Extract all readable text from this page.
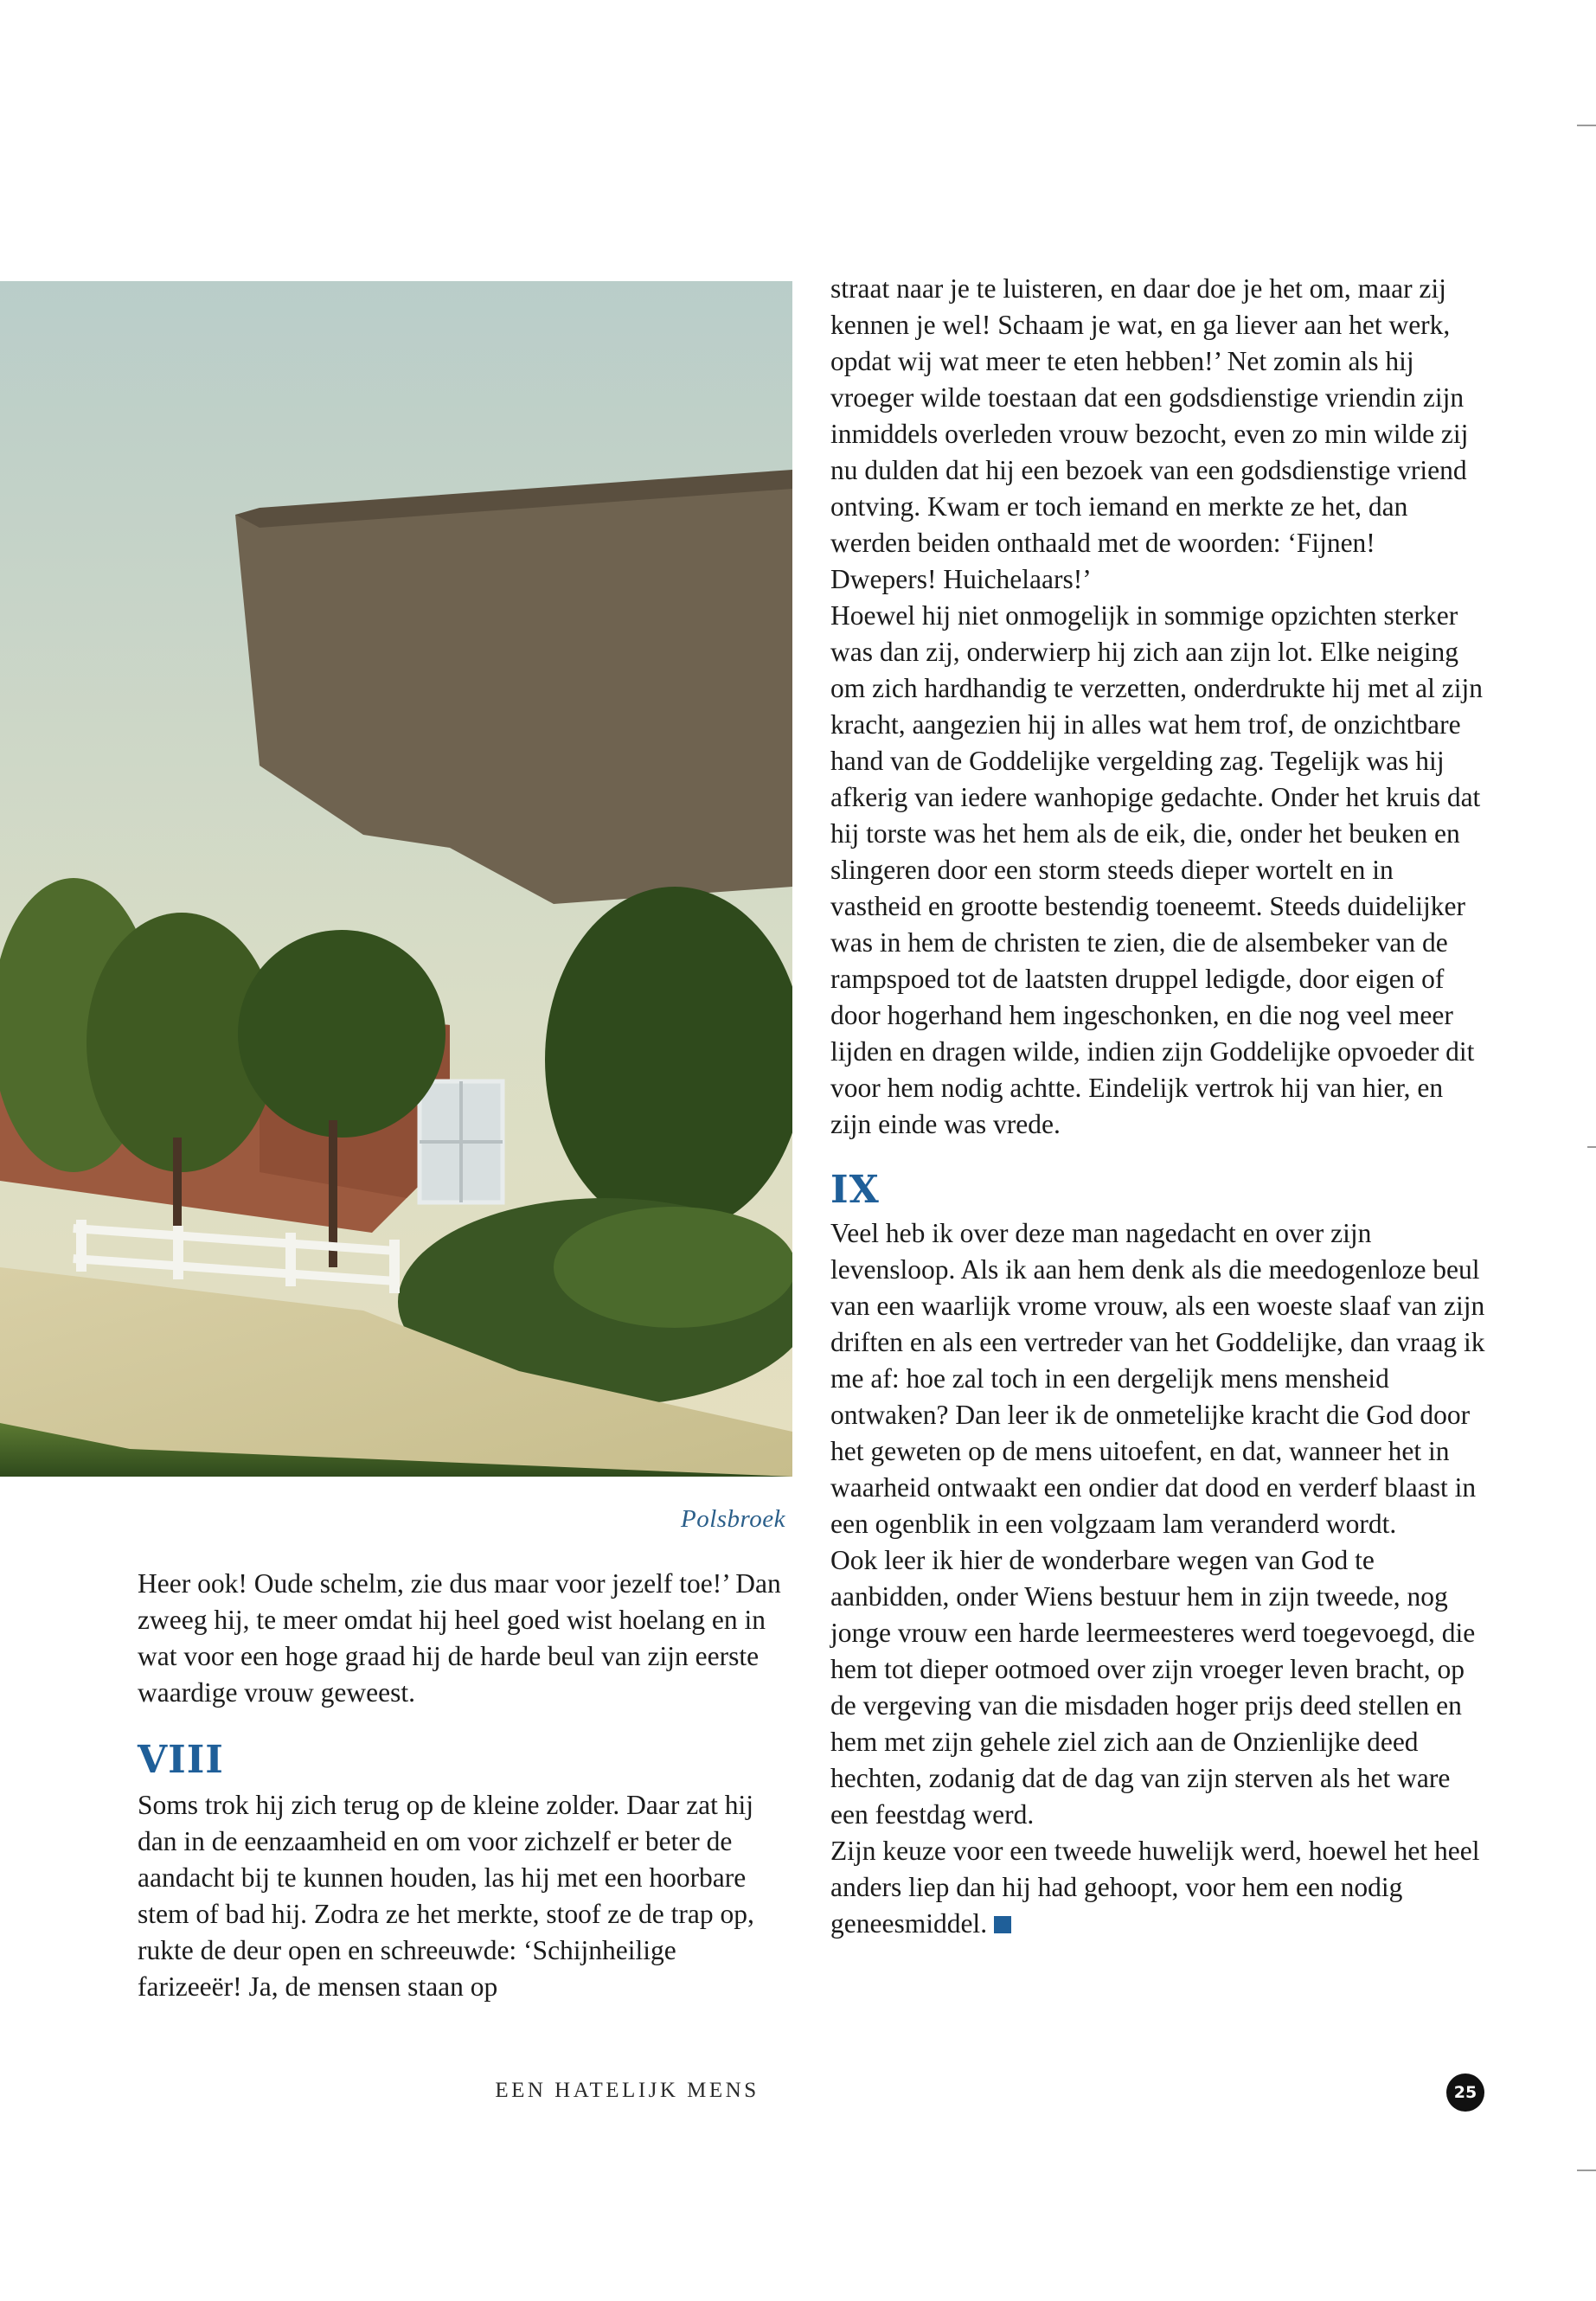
Polsbroek

Heer ook! Oude schelm, zie dus maar voor jezelf toe!’ Dan zweeg hij, te meer omdat hij heel goed wist hoelang en in wat voor een hoge graad hij de harde beul van zijn eerste waardige vrouw geweest.

VIII

Soms trok hij zich terug op de kleine zolder. Daar zat hij dan in de eenzaamheid en om voor zichzelf er beter de aandacht bij te kunnen houden, las hij met een hoorbare stem of bad hij. Zodra ze het merkte, stoof ze de trap op, rukte de deur open en schreeuwde: ‘Schijnheilige farizeeër! Ja, de mensen staan op

straat naar je te luisteren, en daar doe je het om, maar zij kennen je wel! Schaam je wat, en ga liever aan het werk, opdat wij wat meer te eten hebben!’ Net zomin als hij vroeger wilde toestaan dat een godsdienstige vriendin zijn inmiddels overleden vrouw bezocht, even zo min wilde zij nu dulden dat hij een bezoek van een godsdienstige vriend ontving. Kwam er toch iemand en merkte ze het, dan werden beiden onthaald met de woorden: ‘Fijnen! Dwepers! Huichelaars!’

Hoewel hij niet onmogelijk in sommige opzichten sterker was dan zij, onderwierp hij zich aan zijn lot. Elke neiging om zich hardhandig te verzetten, onderdrukte hij met al zijn kracht, aangezien hij in alles wat hem trof, de onzichtbare hand van de Goddelijke vergelding zag. Tegelijk was hij afkerig van iedere wanhopige gedachte. Onder het kruis dat hij torste was het hem als de eik, die, onder het beuken en slingeren door een storm steeds dieper wortelt en in vastheid en grootte bestendig toeneemt. Steeds duidelijker was in hem de christen te zien, die de alsembeker van de rampspoed tot de laatsten druppel ledigde, door eigen of door hogerhand hem ingeschonken, en die nog veel meer lijden en dragen wilde, indien zijn Goddelijke opvoeder dit voor hem nodig achtte. Eindelijk vertrok hij van hier, en zijn einde was vrede.

IX

Veel heb ik over deze man nagedacht en over zijn levensloop. Als ik aan hem denk als die meedogenloze beul van een waarlijk vrome vrouw, als een woeste slaaf van zijn driften en als een vertreder van het Goddelijke, dan vraag ik me af: hoe zal toch in een dergelijk mens mensheid ontwaken? Dan leer ik de onmetelijke kracht die God door het geweten op de mens uitoefent, en dat, wanneer het in waarheid ontwaakt een ondier dat dood en verderf blaast in een ogenblik in een volgzaam lam veranderd wordt.

Ook leer ik hier de wonderbare wegen van God te aanbidden, onder Wiens bestuur hem in zijn tweede, nog jonge vrouw een harde leermeesteres werd toegevoegd, die hem tot dieper ootmoed over zijn vroeger leven bracht, op de vergeving van die misdaden hoger prijs deed stellen en hem met zijn gehele ziel zich aan de Onzienlijke deed hechten, zodanig dat de dag van zijn sterven als het ware een feestdag werd.

Zijn keuze voor een tweede huwelijk werd, hoewel het heel anders liep dan hij had gehoopt, voor hem een nodig geneesmiddel.

EEN HATELIJK MENS	25
